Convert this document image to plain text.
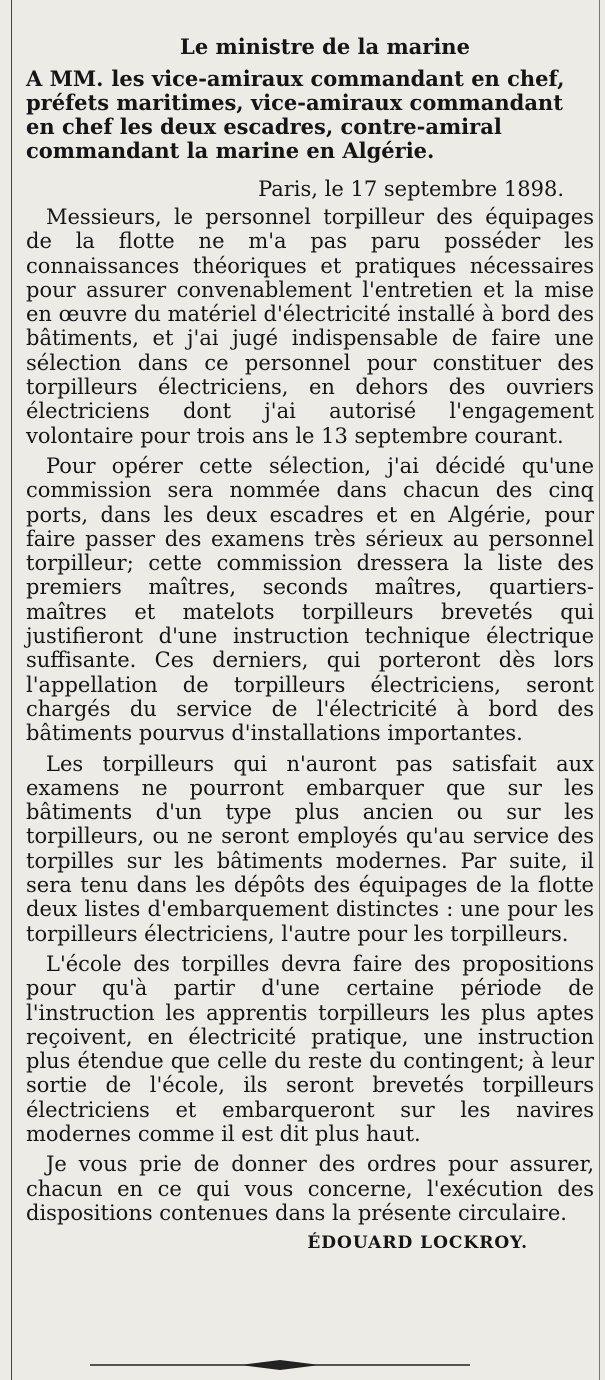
Le ministre de la marine

A MM. les vice-amiraux commandant en chef, préfets maritimes, vice-amiraux commandant en chef les deux escadres, contre-amiral commandant la marine en Algérie.

Paris, le 17 septembre 1898.

Messieurs, le personnel torpilleur des équipages de la flotte ne m'a pas paru posséder les connaissances théoriques et pratiques nécessaires pour assurer convenablement l'entretien et la mise en œuvre du matériel d'électricité installé à bord des bâtiments, et j'ai jugé indispensable de faire une sélection dans ce personnel pour constituer des torpilleurs électriciens, en dehors des ouvriers électriciens dont j'ai autorisé l'engagement volontaire pour trois ans le 13 septembre courant.

Pour opérer cette sélection, j'ai décidé qu'une commission sera nommée dans chacun des cinq ports, dans les deux escadres et en Algérie, pour faire passer des examens très sérieux au personnel torpilleur; cette commission dressera la liste des premiers maîtres, seconds maîtres, quartiers-maîtres et matelots torpilleurs brevetés qui justifieront d'une instruction technique électrique suffisante. Ces derniers, qui porteront dès lors l'appellation de torpilleurs électriciens, seront chargés du service de l'électricité à bord des bâtiments pourvus d'installations importantes.

Les torpilleurs qui n'auront pas satisfait aux examens ne pourront embarquer que sur les bâtiments d'un type plus ancien ou sur les torpilleurs, ou ne seront employés qu'au service des torpilles sur les bâtiments modernes. Par suite, il sera tenu dans les dépôts des équipages de la flotte deux listes d'embarquement distinctes : une pour les torpilleurs électriciens, l'autre pour les torpilleurs.

L'école des torpilles devra faire des propositions pour qu'à partir d'une certaine période de l'instruction les apprentis torpilleurs les plus aptes reçoivent, en électricité pratique, une instruction plus étendue que celle du reste du contingent; à leur sortie de l'école, ils seront brevetés torpilleurs électriciens et embarqueront sur les navires modernes comme il est dit plus haut.

Je vous prie de donner des ordres pour assurer, chacun en ce qui vous concerne, l'exécution des dispositions contenues dans la présente circulaire.

ÉDOUARD LOCKROY.
